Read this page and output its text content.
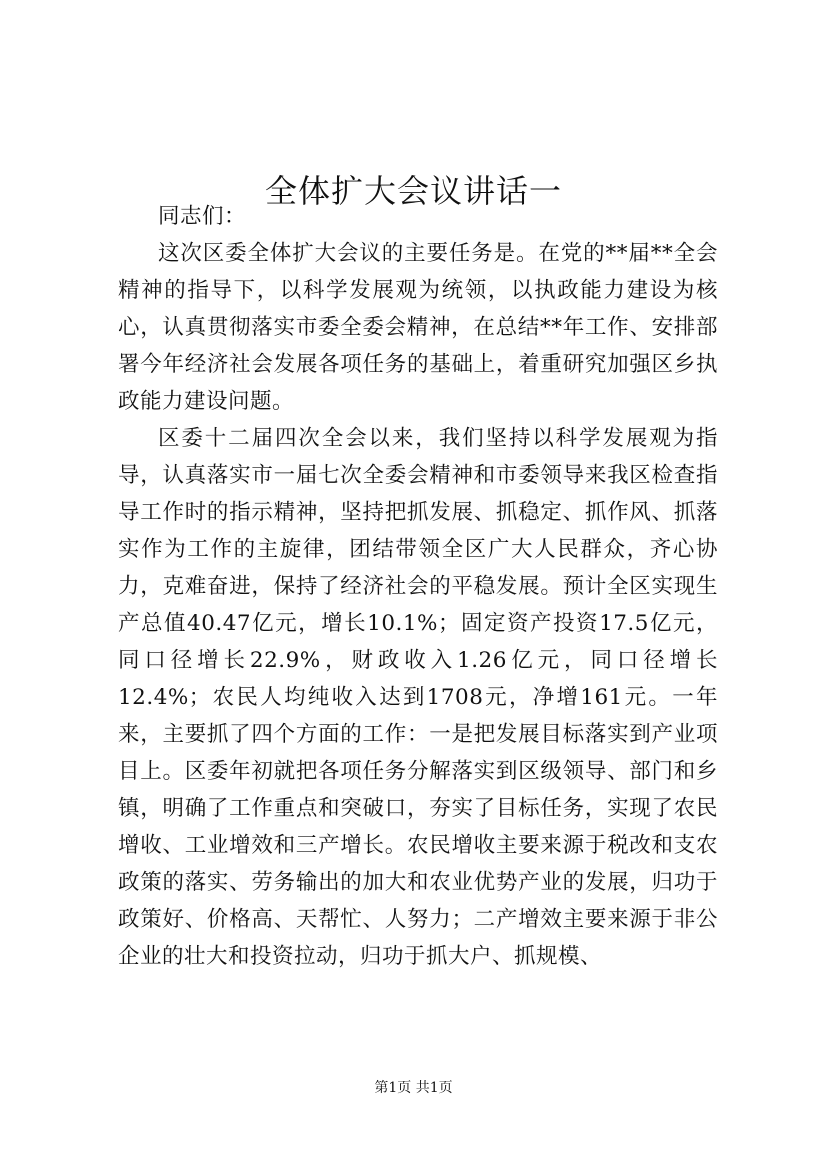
全体扩大会议讲话一

同志们：

这次区委全体扩大会议的主要任务是。在党的**届**全会精神的指导下，以科学发展观为统领，以执政能力建设为核心，认真贯彻落实市委全委会精神，在总结**年工作、安排部署今年经济社会发展各项任务的基础上，着重研究加强区乡执政能力建设问题。

区委十二届四次全会以来，我们坚持以科学发展观为指导，认真落实市一届七次全委会精神和市委领导来我区检查指导工作时的指示精神，坚持把抓发展、抓稳定、抓作风、抓落实作为工作的主旋律，团结带领全区广大人民群众，齐心协力，克难奋进，保持了经济社会的平稳发展。预计全区实现生产总值40.47亿元，增长10.1%；固定资产投资17.5亿元，同口径增长22.9%，财政收入1.26亿元，同口径增长12.4%；农民人均纯收入达到1708元，净增161元。一年来，主要抓了四个方面的工作：一是把发展目标落实到产业项目上。区委年初就把各项任务分解落实到区级领导、部门和乡镇，明确了工作重点和突破口，夯实了目标任务，实现了农民增收、工业增效和三产增长。农民增收主要来源于税改和支农政策的落实、劳务输出的加大和农业优势产业的发展，归功于政策好、价格高、天帮忙、人努力；二产增效主要来源于非公企业的壮大和投资拉动，归功于抓大户、抓规模、

第1页 共1页
